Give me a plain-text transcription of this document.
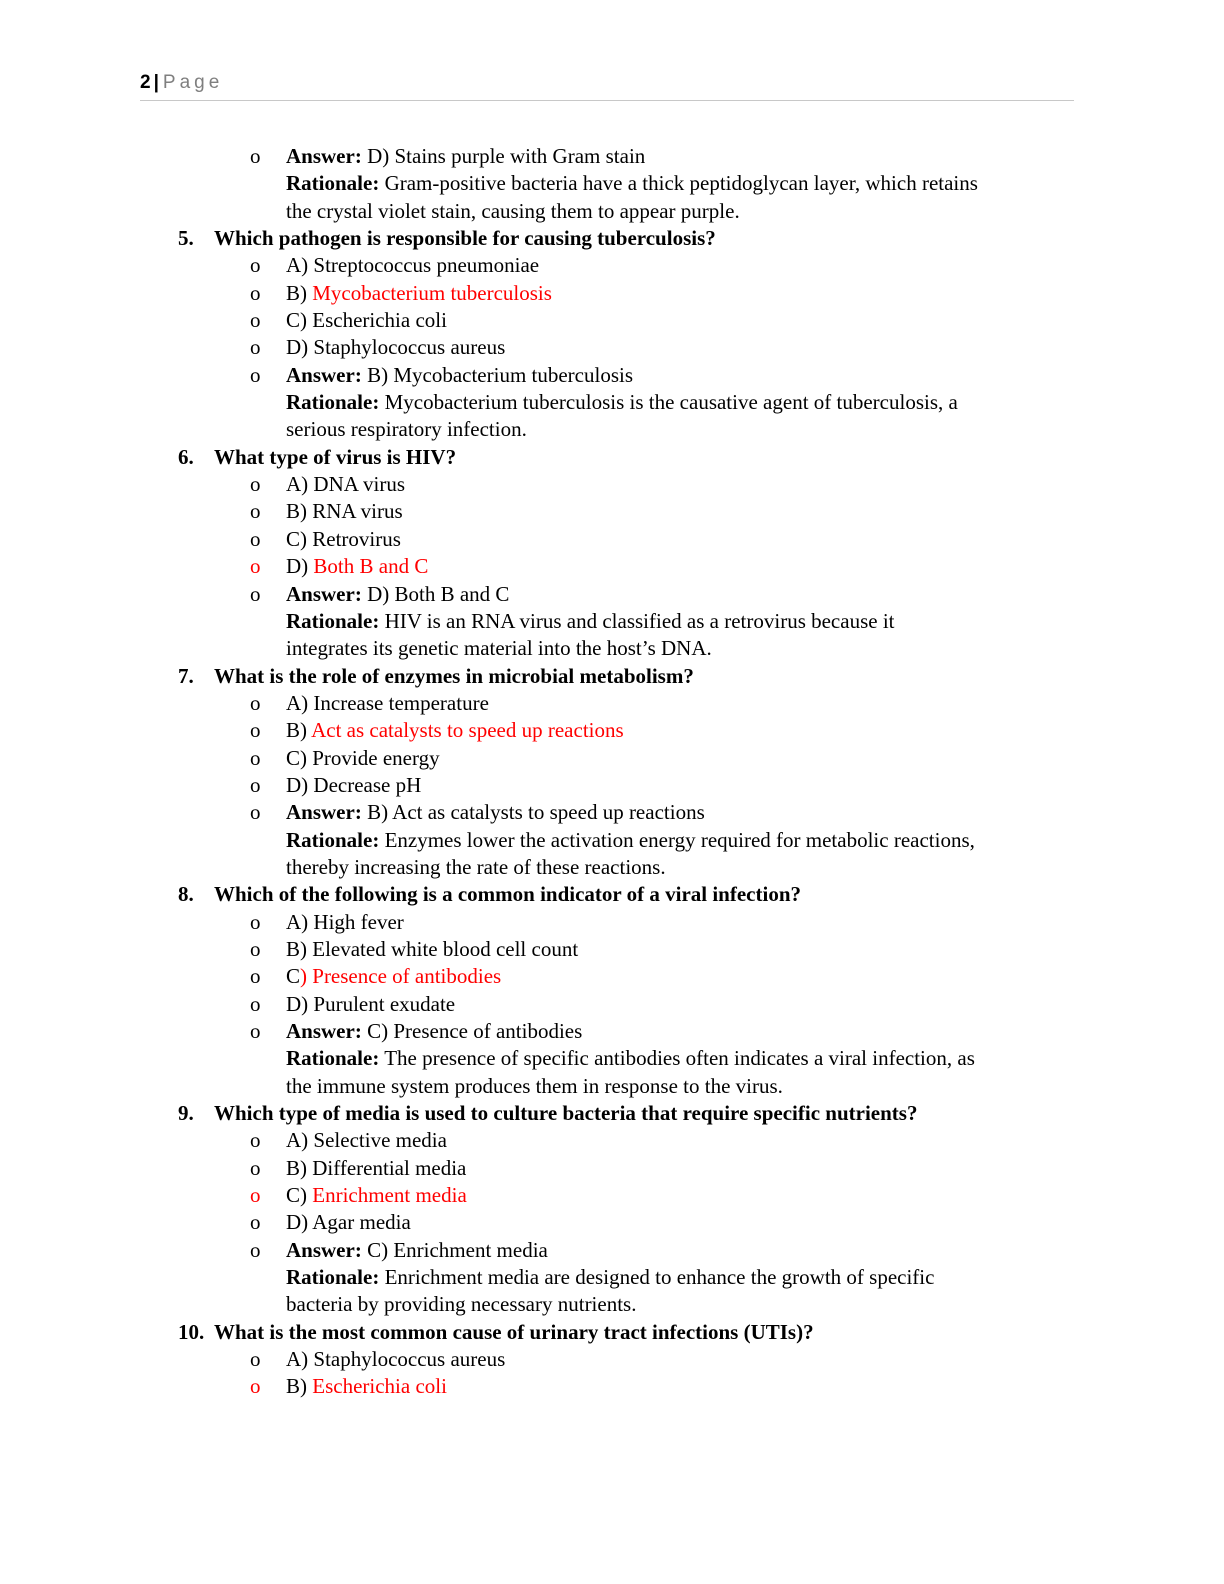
2 | Page
o Answer: D) Stains purple with Gram stain
Rationale: Gram-positive bacteria have a thick peptidoglycan layer, which retains
the crystal violet stain, causing them to appear purple.
5. Which pathogen is responsible for causing tuberculosis?
o A) Streptococcus pneumoniae
o B) Mycobacterium tuberculosis
o C) Escherichia coli
o D) Staphylococcus aureus
o Answer: B) Mycobacterium tuberculosis
Rationale: Mycobacterium tuberculosis is the causative agent of tuberculosis, a
serious respiratory infection.
6. What type of virus is HIV?
o A) DNA virus
o B) RNA virus
o C) Retrovirus
o D) Both B and C
o Answer: D) Both B and C
Rationale: HIV is an RNA virus and classified as a retrovirus because it
integrates its genetic material into the host’s DNA.
7. What is the role of enzymes in microbial metabolism?
o A) Increase temperature
o B) Act as catalysts to speed up reactions
o C) Provide energy
o D) Decrease pH
o Answer: B) Act as catalysts to speed up reactions
Rationale: Enzymes lower the activation energy required for metabolic reactions,
thereby increasing the rate of these reactions.
8. Which of the following is a common indicator of a viral infection?
o A) High fever
o B) Elevated white blood cell count
o C) Presence of antibodies
o D) Purulent exudate
o Answer: C) Presence of antibodies
Rationale: The presence of specific antibodies often indicates a viral infection, as
the immune system produces them in response to the virus.
9. Which type of media is used to culture bacteria that require specific nutrients?
o A) Selective media
o B) Differential media
o C) Enrichment media
o D) Agar media
o Answer: C) Enrichment media
Rationale: Enrichment media are designed to enhance the growth of specific
bacteria by providing necessary nutrients.
10. What is the most common cause of urinary tract infections (UTIs)?
o A) Staphylococcus aureus
o B) Escherichia coli
